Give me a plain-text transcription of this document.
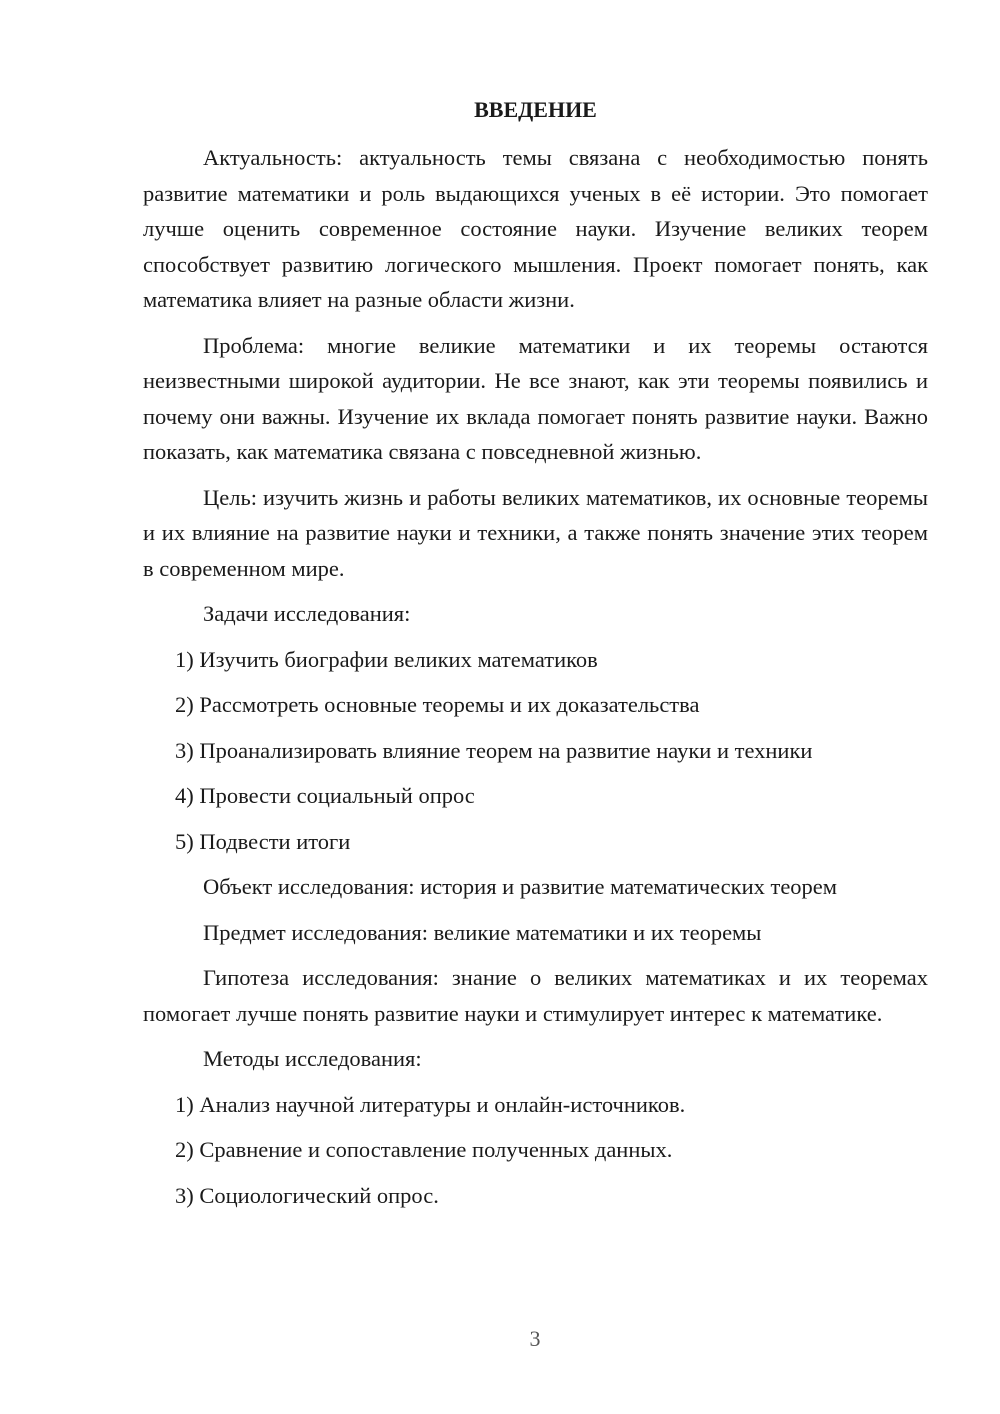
ВВЕДЕНИЕ

Актуальность: актуальность темы связана с необходимостью понять развитие математики и роль выдающихся ученых в её истории. Это помогает лучше оценить современное состояние науки. Изучение великих теорем способствует развитию логического мышления. Проект помогает понять, как математика влияет на разные области жизни.

Проблема: многие великие математики и их теоремы остаются неизвестными широкой аудитории. Не все знают, как эти теоремы появились и почему они важны. Изучение их вклада помогает понять развитие науки. Важно показать, как математика связана с повседневной жизнью.

Цель: изучить жизнь и работы великих математиков, их основные теоремы и их влияние на развитие науки и техники, а также понять значение этих теорем в современном мире.

Задачи исследования:
1) Изучить биографии великих математиков
2) Рассмотреть основные теоремы и их доказательства
3) Проанализировать влияние теорем на развитие науки и техники
4) Провести социальный опрос
5) Подвести итоги
Объект исследования: история и развитие математических теорем
Предмет исследования: великие математики и их теоремы

Гипотеза исследования: знание о великих математиках и их теоремах помогает лучше понять развитие науки и стимулирует интерес к математике.

Методы исследования:
1) Анализ научной литературы и онлайн-источников.
2) Сравнение и сопоставление полученных данных.
3) Социологический опрос.
3
